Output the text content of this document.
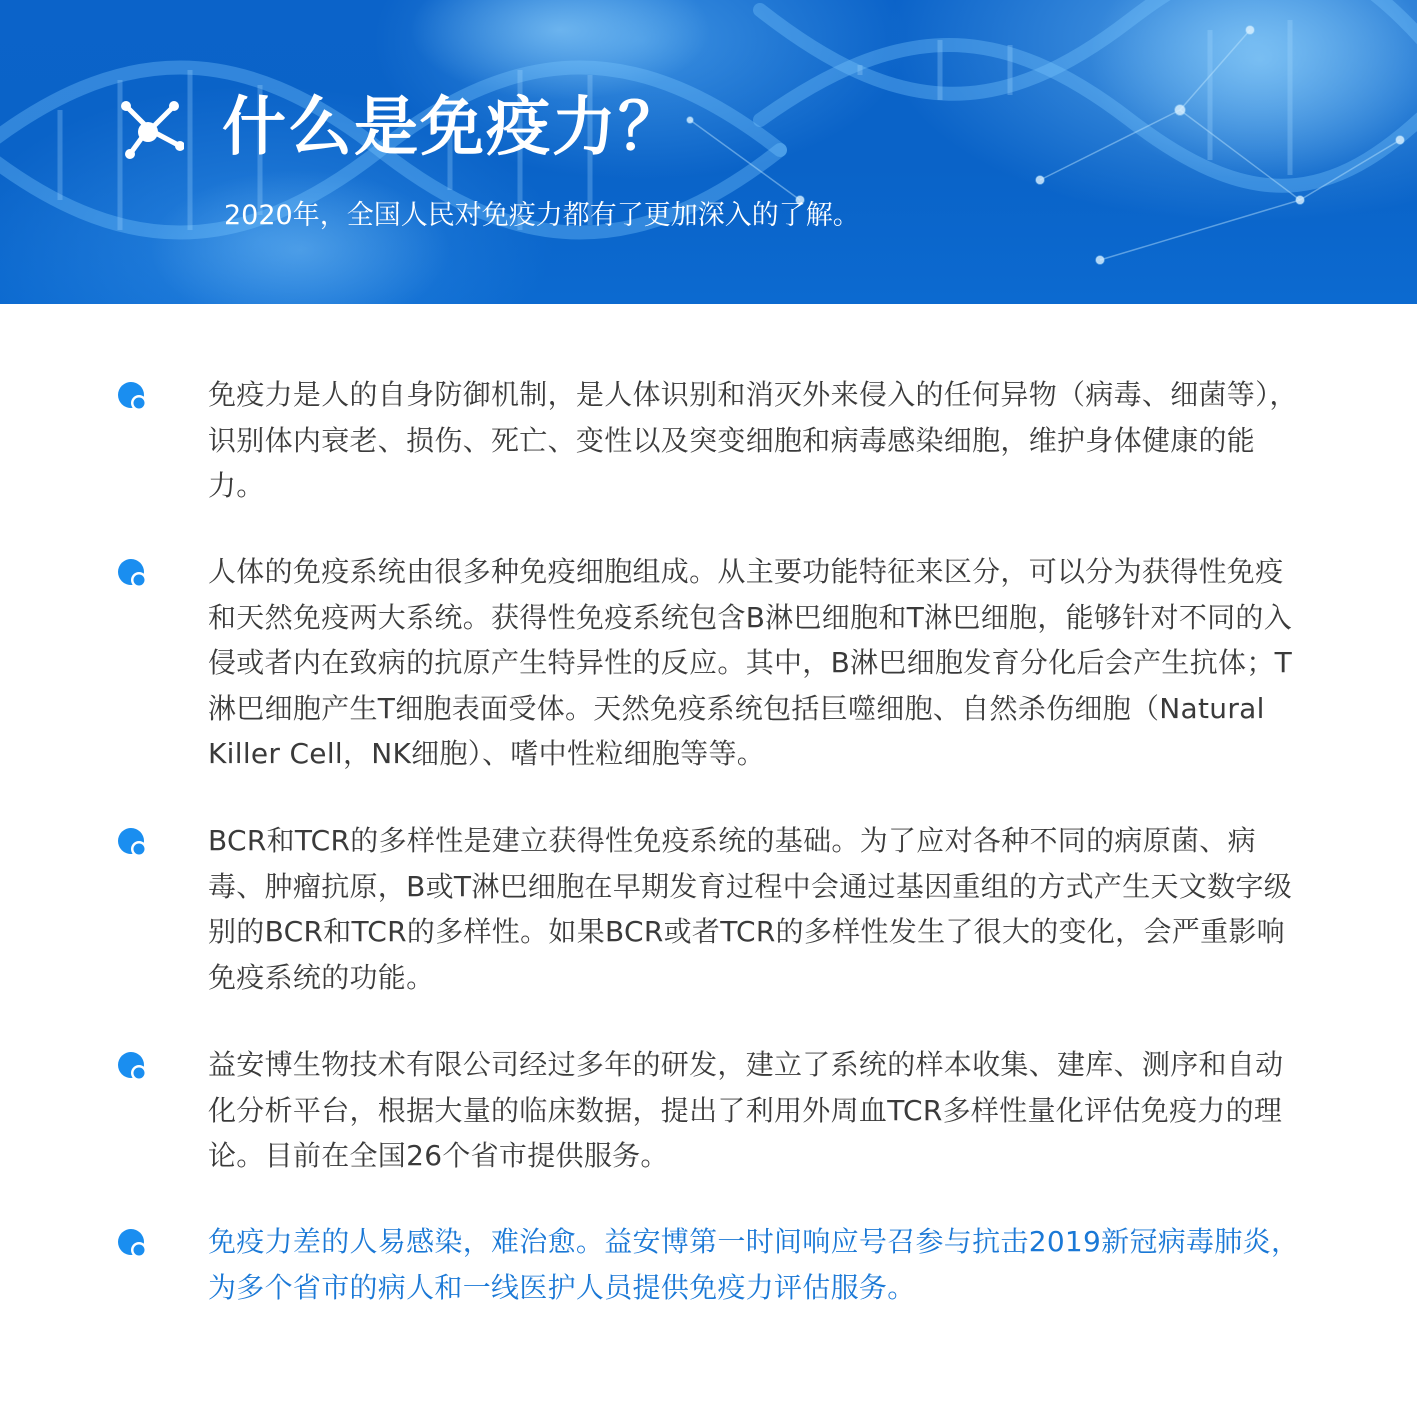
什么是免疫力？
2020年，全国人民对免疫力都有了更加深入的了解。
免疫力是人的自身防御机制，是人体识别和消灭外来侵入的任何异物（病毒、细菌等），识别体内衰老、损伤、死亡、变性以及突变细胞和病毒感染细胞，维护身体健康的能力。
人体的免疫系统由很多种免疫细胞组成。从主要功能特征来区分，可以分为获得性免疫和天然免疫两大系统。获得性免疫系统包含B淋巴细胞和T淋巴细胞，能够针对不同的入侵或者内在致病的抗原产生特异性的反应。其中，B淋巴细胞发育分化后会产生抗体；T淋巴细胞产生T细胞表面受体。天然免疫系统包括巨噬细胞、自然杀伤细胞（Natural Killer Cell，NK细胞）、嗜中性粒细胞等等。
BCR和TCR的多样性是建立获得性免疫系统的基础。为了应对各种不同的病原菌、病毒、肿瘤抗原，B或T淋巴细胞在早期发育过程中会通过基因重组的方式产生天文数字级别的BCR和TCR的多样性。如果BCR或者TCR的多样性发生了很大的变化，会严重影响免疫系统的功能。
益安博生物技术有限公司经过多年的研发，建立了系统的样本收集、建库、测序和自动化分析平台，根据大量的临床数据，提出了利用外周血TCR多样性量化评估免疫力的理论。目前在全国26个省市提供服务。
免疫力差的人易感染，难治愈。益安博第一时间响应号召参与抗击2019新冠病毒肺炎，为多个省市的病人和一线医护人员提供免疫力评估服务。
